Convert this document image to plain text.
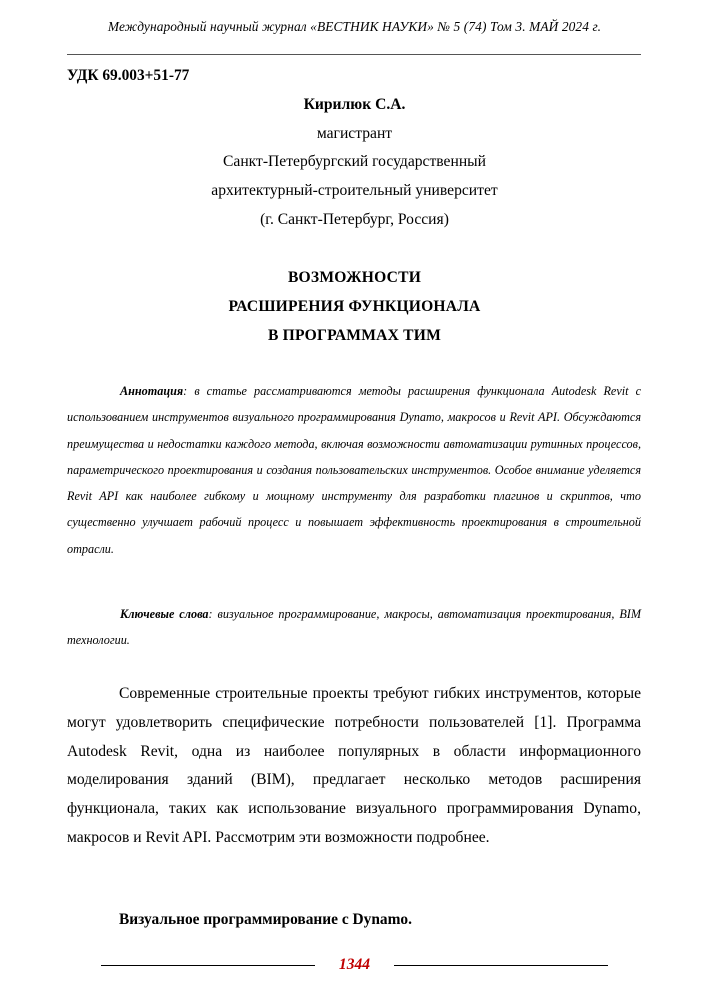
Международный научный журнал «ВЕСТНИК НАУКИ» № 5 (74) Том 3. МАЙ 2024 г.
УДК 69.003+51-77
Кирилюк С.А.
магистрант
Санкт-Петербургский государственный
архитектурный-строительный университет
(г. Санкт-Петербург, Россия)
ВОЗМОЖНОСТИ
РАСШИРЕНИЯ ФУНКЦИОНАЛА
В ПРОГРАММАХ ТИМ

Аннотация: в статье рассматриваются методы расширения функционала Autodesk Revit с использованием инструментов визуального программирования Dynamo, макросов и Revit API. Обсуждаются преимущества и недостатки каждого метода, включая возможности автоматизации рутинных процессов, параметрического проектирования и создания пользовательских инструментов. Особое внимание уделяется Revit API как наиболее гибкому и мощному инструменту для разработки плагинов и скриптов, что существенно улучшает рабочий процесс и повышает эффективность проектирования в строительной отрасли.

Ключевые слова: визуальное программирование, макросы, автоматизация проектирования, BIM технологии.

Современные строительные проекты требуют гибких инструментов, которые могут удовлетворить специфические потребности пользователей [1]. Программа Autodesk Revit, одна из наиболее популярных в области информационного моделирования зданий (BIM), предлагает несколько методов расширения функционала, таких как использование визуального программирования Dynamo, макросов и Revit API. Рассмотрим эти возможности подробнее.

Визуальное программирование с Dynamo.
1344
